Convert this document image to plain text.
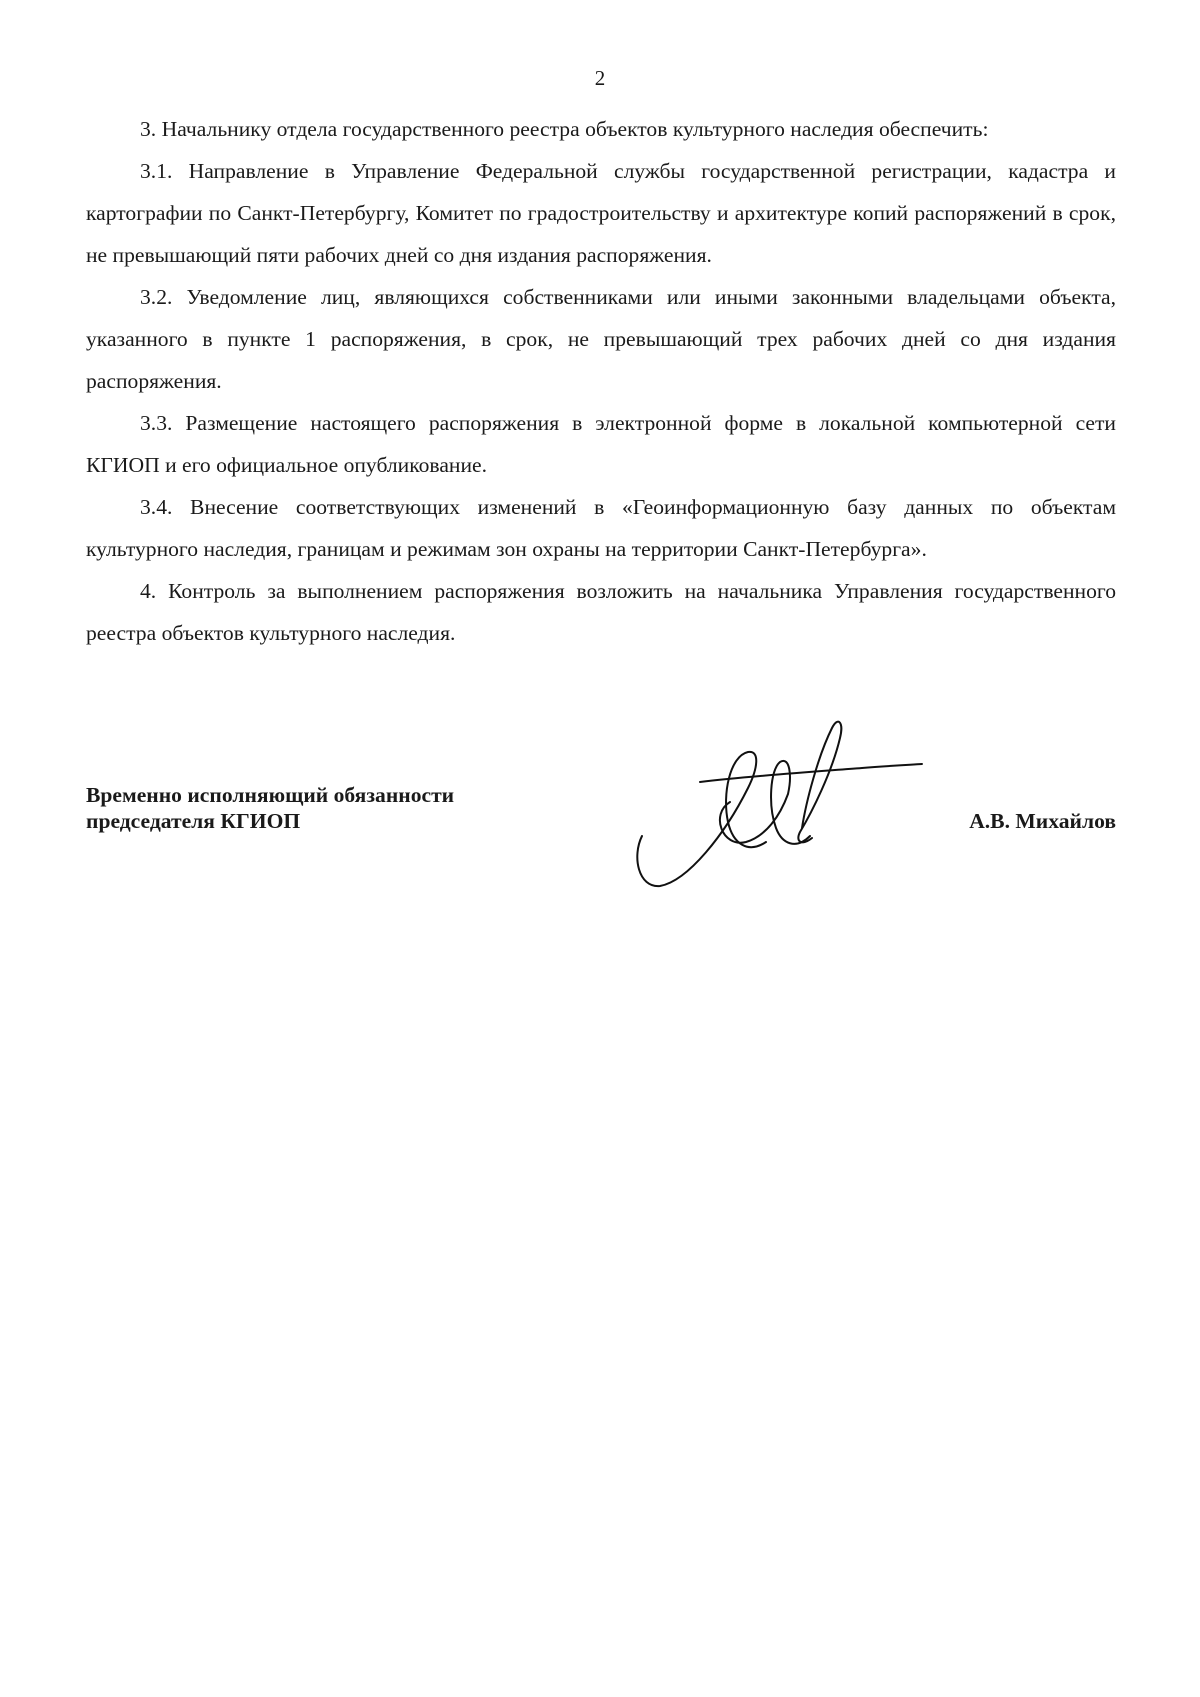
2

3. Начальнику отдела государственного реестра объектов культурного наследия обеспечить:

3.1. Направление в Управление Федеральной службы государственной регистрации, кадастра и картографии по Санкт-Петербургу, Комитет по градостроительству и архитектуре копий распоряжений в срок, не превышающий пяти рабочих дней со дня издания распоряжения.

3.2. Уведомление лиц, являющихся собственниками или иными законными владельцами объекта, указанного в пункте 1 распоряжения, в срок, не превышающий трех рабочих дней со дня издания распоряжения.

3.3. Размещение настоящего распоряжения в электронной форме в локальной компьютерной сети КГИОП и его официальное опубликование.

3.4. Внесение соответствующих изменений в «Геоинформационную базу данных по объектам культурного наследия, границам и режимам зон охраны на территории Санкт-Петербурга».

4. Контроль за выполнением распоряжения возложить на начальника Управления государственного реестра объектов культурного наследия.

Временно исполняющий обязанности
председателя КГИОП	А.В. Михайлов
